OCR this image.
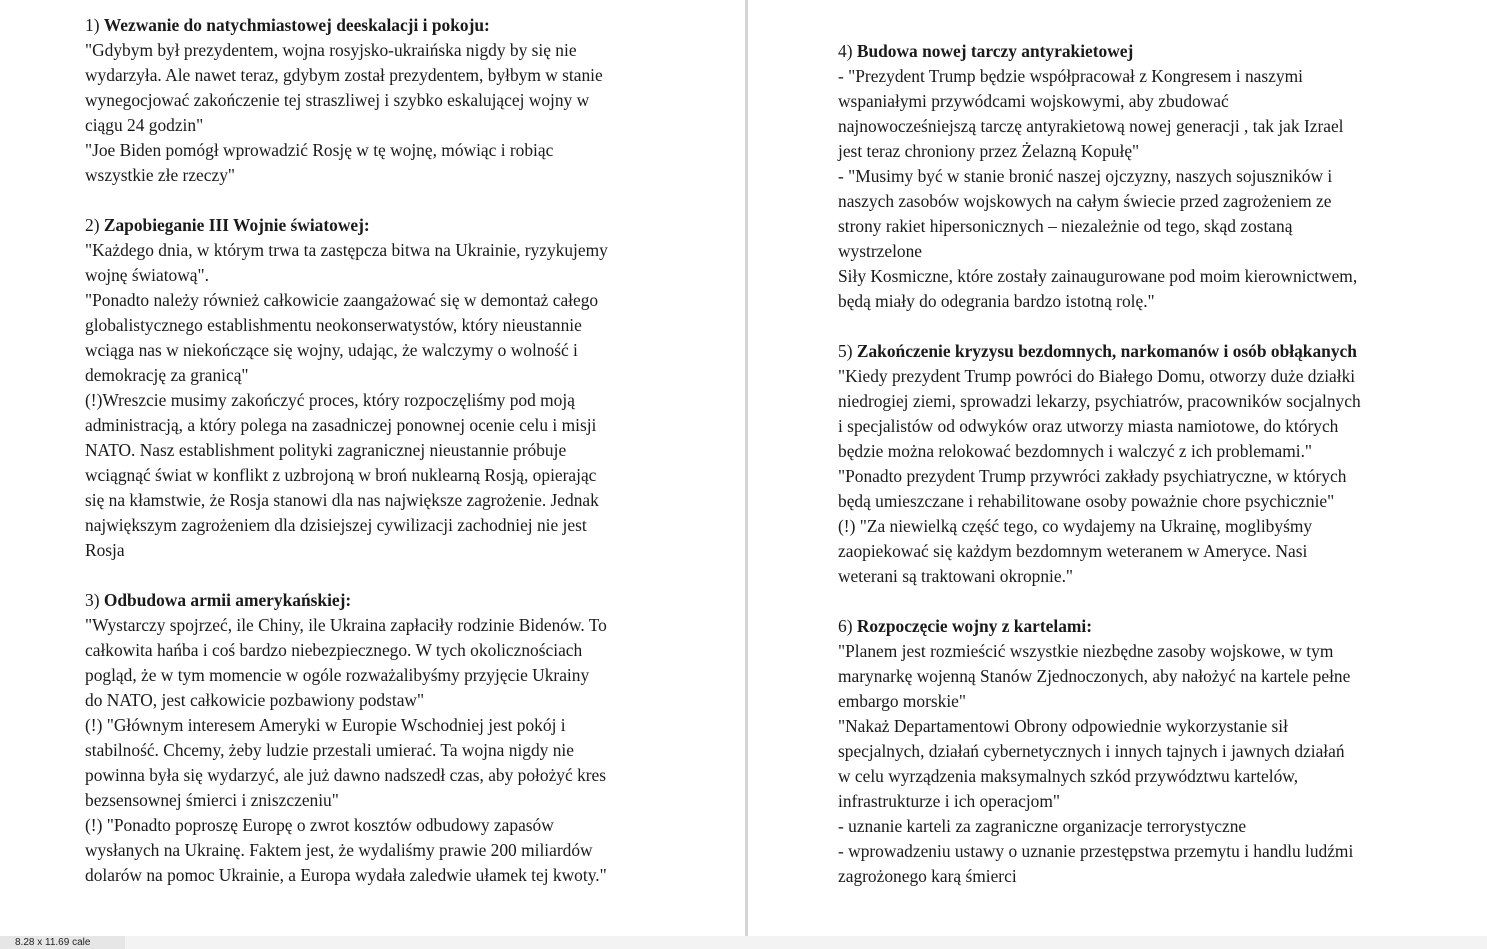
1) Wezwanie do natychmiastowej deeskalacji i pokoju:
"Gdybym był prezydentem, wojna rosyjsko-ukraińska nigdy by się nie
wydarzyła. Ale nawet teraz, gdybym został prezydentem, byłbym w stanie
wynegocjować zakończenie tej straszliwej i szybko eskalującej wojny w
ciągu 24 godzin"
"Joe Biden pomógł wprowadzić Rosję w tę wojnę, mówiąc i robiąc
wszystkie złe rzeczy"
2) Zapobieganie III Wojnie światowej:
"Każdego dnia, w którym trwa ta zastępcza bitwa na Ukrainie, ryzykujemy
wojnę światową".
"Ponadto należy również całkowicie zaangażować się w demontaż całego
globalistycznego establishmentu neokonserwatystów, który nieustannie
wciąga nas w niekończące się wojny, udając, że walczymy o wolność i
demokrację za granicą"
(!)Wreszcie musimy zakończyć proces, który rozpoczęliśmy pod moją
administracją, a który polega na zasadniczej ponownej ocenie celu i misji
NATO. Nasz establishment polityki zagranicznej nieustannie próbuje
wciągnąć świat w konflikt z uzbrojoną w broń nuklearną Rosją, opierając
się na kłamstwie, że Rosja stanowi dla nas największe zagrożenie. Jednak
największym zagrożeniem dla dzisiejszej cywilizacji zachodniej nie jest
Rosja
3) Odbudowa armii amerykańskiej:
"Wystarczy spojrzeć, ile Chiny, ile Ukraina zapłaciły rodzinie Bidenów. To
całkowita hańba i coś bardzo niebezpiecznego. W tych okolicznościach
pogląd, że w tym momencie w ogóle rozważalibyśmy przyjęcie Ukrainy
do NATO, jest całkowicie pozbawiony podstaw"
(!) "Głównym interesem Ameryki w Europie Wschodniej jest pokój i
stabilność. Chcemy, żeby ludzie przestali umierać. Ta wojna nigdy nie
powinna była się wydarzyć, ale już dawno nadszedł czas, aby położyć kres
bezsensownej śmierci i zniszczeniu"
(!) "Ponadto poproszę Europę o zwrot kosztów odbudowy zapasów
wysłanych na Ukrainę. Faktem jest, że wydaliśmy prawie 200 miliardów
dolarów na pomoc Ukrainie, a Europa wydała zaledwie ułamek tej kwoty."
4) Budowa nowej tarczy antyrakietowej
- "Prezydent Trump będzie współpracował z Kongresem i naszymi
wspaniałymi przywódcami wojskowymi, aby zbudować
najnowocześniejszą tarczę antyrakietową nowej generacji , tak jak Izrael
jest teraz chroniony przez Żelazną Kopułę"
- "Musimy być w stanie bronić naszej ojczyzny, naszych sojuszników i
naszych zasobów wojskowych na całym świecie przed zagrożeniem ze
strony rakiet hipersonicznych – niezależnie od tego, skąd zostaną
wystrzelone
Siły Kosmiczne, które zostały zainaugurowane pod moim kierownictwem,
będą miały do odegrania bardzo istotną rolę."
5) Zakończenie kryzysu bezdomnych, narkomanów i osób obłąkanych
"Kiedy prezydent Trump powróci do Białego Domu, otworzy duże działki
niedrogiej ziemi, sprowadzi lekarzy, psychiatrów, pracowników socjalnych
i specjalistów od odwyków oraz utworzy miasta namiotowe, do których
będzie można relokować bezdomnych i walczyć z ich problemami."
"Ponadto prezydent Trump przywróci zakłady psychiatryczne, w których
będą umieszczane i rehabilitowane osoby poważnie chore psychicznie"
(!) "Za niewielką część tego, co wydajemy na Ukrainę, moglibyśmy
zaopiekować się każdym bezdomnym weteranem w Ameryce. Nasi
weterani są traktowani okropnie."
6) Rozpoczęcie wojny z kartelami:
"Planem jest rozmieścić wszystkie niezbędne zasoby wojskowe, w tym
marynarkę wojenną Stanów Zjednoczonych, aby nałożyć na kartele pełne
embargo morskie"
"Nakaż Departamentowi Obrony odpowiednie wykorzystanie sił
specjalnych, działań cybernetycznych i innych tajnych i jawnych działań
w celu wyrządzenia maksymalnych szkód przywództwu kartelów,
infrastrukturze i ich operacjom"
- uznanie karteli za zagraniczne organizacje terrorystyczne
- wprowadzeniu ustawy o uznanie przestępstwa przemytu i handlu ludźmi
zagrożonego karą śmierci
8.28 x 11.69 cale
